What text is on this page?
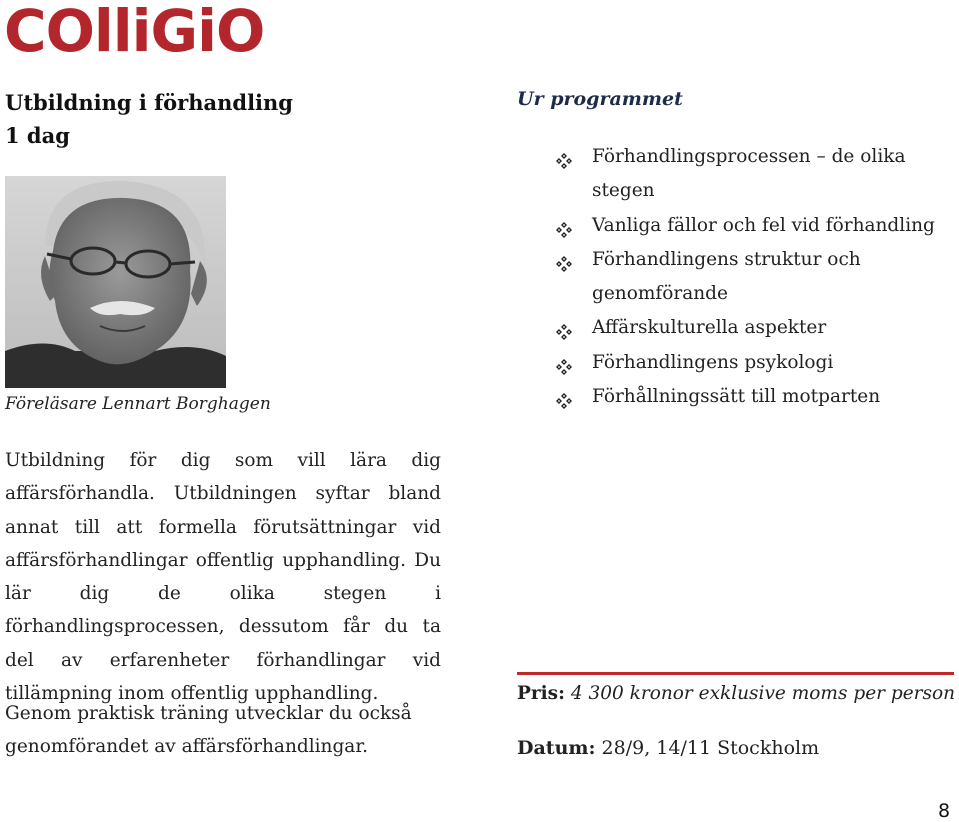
COlliGiO
Utbildning i förhandling
1 dag
Föreläsare Lennart Borghagen
Utbildning för dig som vill lära dig affärsförhandla. Utbildningen syftar bland annat till att formella förutsättningar vid affärsförhandlingar offentlig upphandling. Du lär dig de olika stegen i förhandlingsprocessen, dessutom får du ta del av erfarenheter förhandlingar vid tillämpning inom offentlig upphandling.
Genom praktisk träning utvecklar du också genomförandet av affärsförhandlingar.
Ur programmet
Förhandlingsprocessen – de olika stegen
Vanliga fällor och fel vid förhandling
Förhandlingens struktur och genomförande
Affärskulturella aspekter
Förhandlingens psykologi
Förhållningssätt till motparten
Pris: 4 300 kronor exklusive moms per person
Datum: 28/9, 14/11 Stockholm
8
